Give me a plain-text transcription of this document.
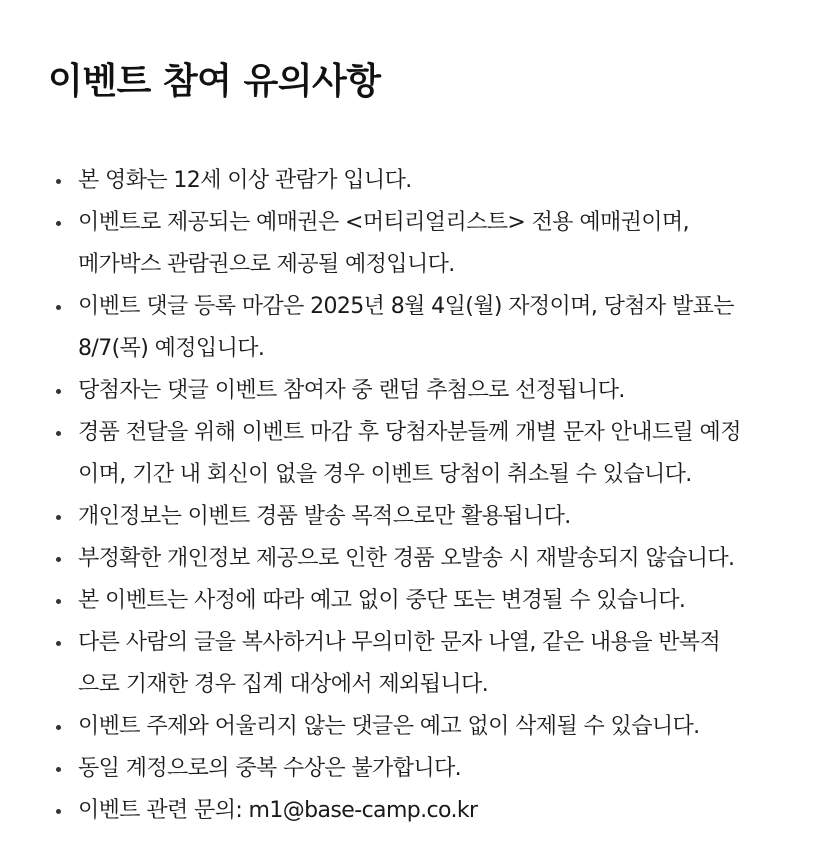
이벤트 참여 유의사항
본 영화는 12세 이상 관람가 입니다.
이벤트로 제공되는 예매권은 <머티리얼리스트> 전용 예매권이며,
메가박스 관람권으로 제공될 예정입니다.
이벤트 댓글 등록 마감은 2025년 8월 4일(월) 자정이며, 당첨자 발표는
8/7(목) 예정입니다.
당첨자는 댓글 이벤트 참여자 중 랜덤 추첨으로 선정됩니다.
경품 전달을 위해 이벤트 마감 후 당첨자분들께 개별 문자 안내드릴 예정
이며, 기간 내 회신이 없을 경우 이벤트 당첨이 취소될 수 있습니다.
개인정보는 이벤트 경품 발송 목적으로만 활용됩니다.
부정확한 개인정보 제공으로 인한 경품 오발송 시 재발송되지 않습니다.
본 이벤트는 사정에 따라 예고 없이 중단 또는 변경될 수 있습니다.
다른 사람의 글을 복사하거나 무의미한 문자 나열, 같은 내용을 반복적
으로 기재한 경우 집계 대상에서 제외됩니다.
이벤트 주제와 어울리지 않는 댓글은 예고 없이 삭제될 수 있습니다.
동일 계정으로의 중복 수상은 불가합니다.
이벤트 관련 문의: m1@base-camp.co.kr
